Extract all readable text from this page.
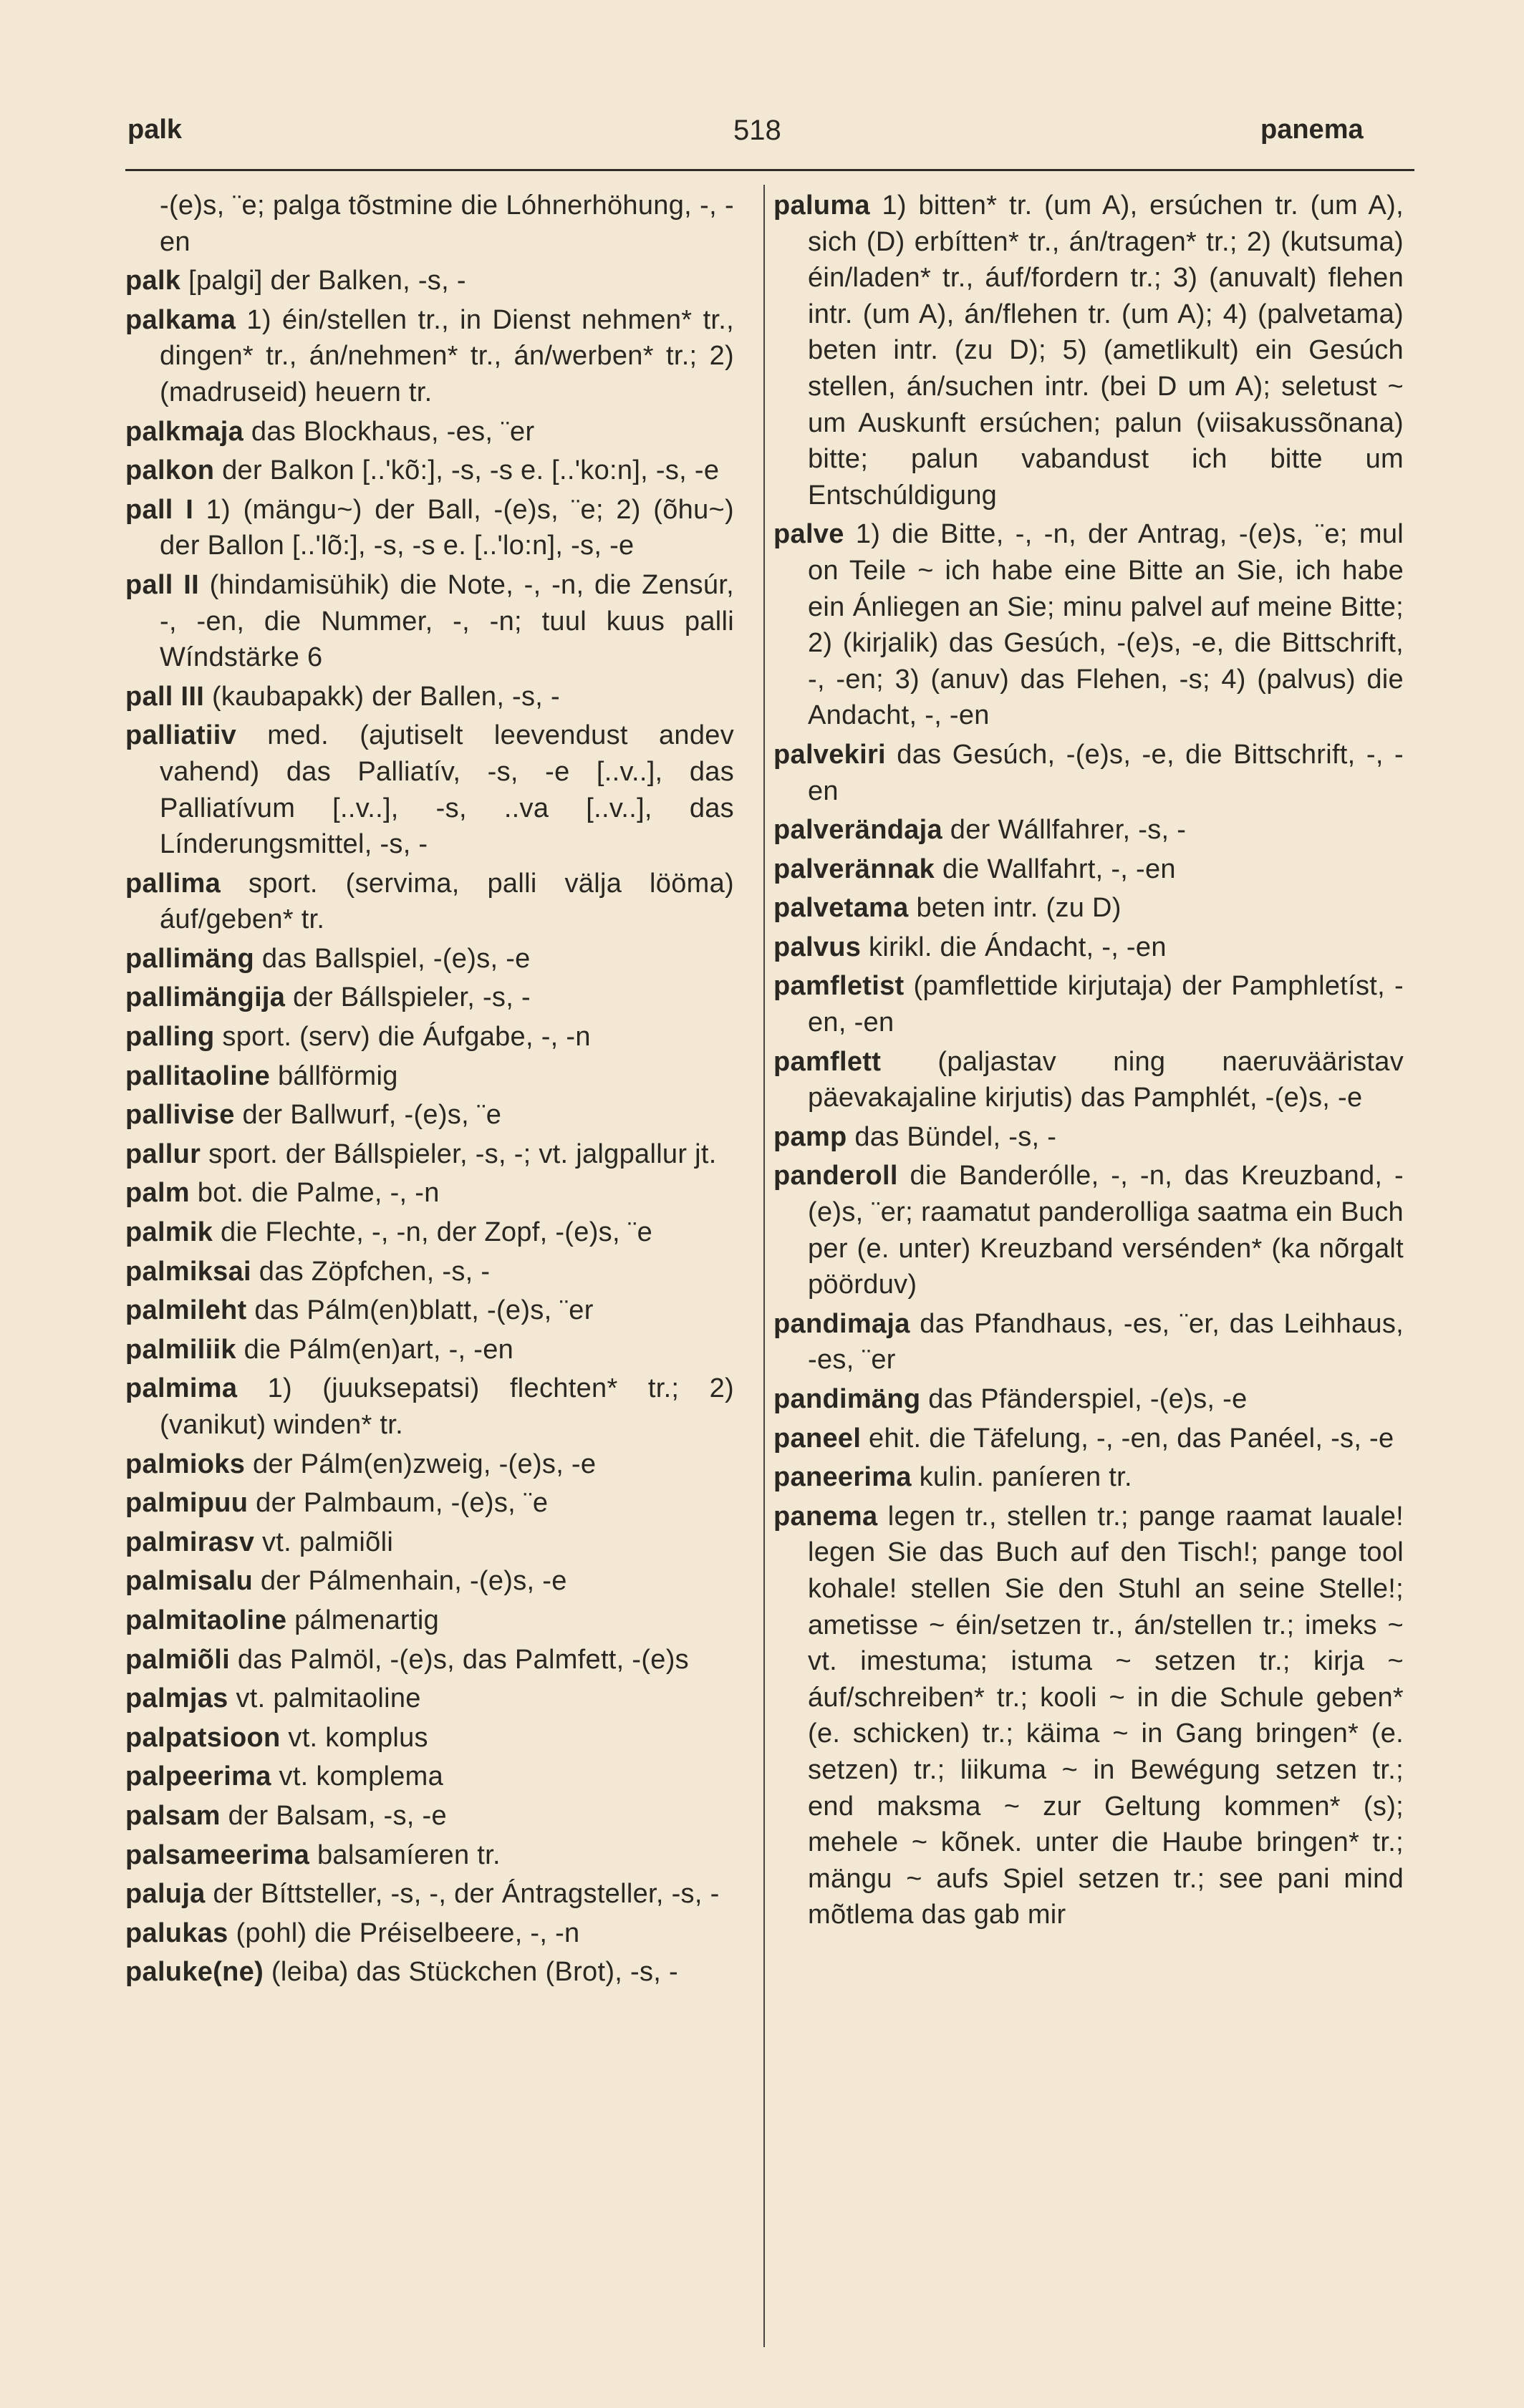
palk	518	panema
-(e)s, ¨e; palga tõstmine die Lóhnerhöhung, -, -en
palk [palgi] der Balken, -s, -
palkama 1) éin/stellen tr., in Dienst nehmen* tr., dingen* tr., án/nehmen* tr., án/werben* tr.; 2) (madruseid) heuern tr.
palkmaja das Blockhaus, -es, ¨er
palkon der Balkon [..'kõ:], -s, -s e. [..'ko:n], -s, -e
pall I 1) (mängu~) der Ball, -(e)s, ¨e; 2) (õhu~) der Ballon [..'lõ:], -s, -s e. [..'lo:n], -s, -e
pall II (hindamisühik) die Note, -, -n, die Zensúr, -, -en, die Nummer, -, -n; tuul kuus palli Wíndstärke 6
pall III (kaubapakk) der Ballen, -s, -
palliatiiv med. (ajutiselt leevendust andev vahend) das Palliatív, -s, -e [..v..], das Palliatívum [..v..], -s, ..va [..v..], das Línderungsmittel, -s, -
pallima sport. (servima, palli välja lööma) áuf/geben* tr.
pallimäng das Ballspiel, -(e)s, -e
pallimängija der Bállspieler, -s, -
palling sport. (serv) die Áufgabe, -, -n
pallitaoline bállförmig
pallivise der Ballwurf, -(e)s, ¨e
pallur sport. der Bállspieler, -s, -; vt. jalgpallur jt.
palm bot. die Palme, -, -n
palmik die Flechte, -, -n, der Zopf, -(e)s, ¨e
palmiksai das Zöpfchen, -s, -
palmileht das Pálm(en)blatt, -(e)s, ¨er
palmiliik die Pálm(en)art, -, -en
palmima 1) (juuksepatsi) flechten* tr.; 2) (vanikut) winden* tr.
palmioks der Pálm(en)zweig, -(e)s, -e
palmipuu der Palmbaum, -(e)s, ¨e
palmirasv vt. palmiõli
palmisalu der Pálmenhain, -(e)s, -e
palmitaoline pálmenartig
palmiõli das Palmöl, -(e)s, das Palmfett, -(e)s
palmjas vt. palmitaoline
palpatsioon vt. komplus
palpeerima vt. komplema
palsam der Balsam, -s, -e
palsameerima balsamíeren tr.
paluja der Bíttsteller, -s, -, der Ántragsteller, -s, -
palukas (pohl) die Préiselbeere, -, -n
paluke(ne) (leiba) das Stückchen (Brot), -s, -
paluma 1) bitten* tr. (um A), ersúchen tr. (um A), sich (D) erbítten* tr., án/tragen* tr.; 2) (kutsuma) éin/laden* tr., áuf/fordern tr.; 3) (anuvalt) flehen intr. (um A), án/flehen tr. (um A); 4) (palvetama) beten intr. (zu D); 5) (ametlikult) ein Gesúch stellen, án/suchen intr. (bei D um A); seletust ~ um Auskunft ersúchen; palun (viisakussõnana) bitte; palun vabandust ich bitte um Entschúldigung
palve 1) die Bitte, -, -n, der Antrag, -(e)s, ¨e; mul on Teile ~ ich habe eine Bitte an Sie, ich habe ein Ánliegen an Sie; minu palvel auf meine Bitte; 2) (kirjalik) das Gesúch, -(e)s, -e, die Bittschrift, -, -en; 3) (anuv) das Flehen, -s; 4) (palvus) die Andacht, -, -en
palvekiri das Gesúch, -(e)s, -e, die Bittschrift, -, -en
palverändaja der Wállfahrer, -s, -
palverännak die Wallfahrt, -, -en
palvetama beten intr. (zu D)
palvus kirikl. die Ándacht, -, -en
pamfletist (pamflettide kirjutaja) der Pamphletíst, -en, -en
pamflett (paljastav ning naeruvääristav päevakajaline kirjutis) das Pamphlét, -(e)s, -e
pamp das Bündel, -s, -
panderoll die Banderólle, -, -n, das Kreuzband, -(e)s, ¨er; raamatut panderolliga saatma ein Buch per (e. unter) Kreuzband versénden* (ka nõrgalt pöörduv)
pandimaja das Pfandhaus, -es, ¨er, das Leihhaus, -es, ¨er
pandimäng das Pfänderspiel, -(e)s, -e
paneel ehit. die Täfelung, -, -en, das Panéel, -s, -e
paneerima kulin. paníeren tr.
panema legen tr., stellen tr.; pange raamat lauale! legen Sie das Buch auf den Tisch!; pange tool kohale! stellen Sie den Stuhl an seine Stelle!; ametisse ~ éin/setzen tr., án/stellen tr.; imeks ~ vt. imestuma; istuma ~ setzen tr.; kirja ~ áuf/schreiben* tr.; kooli ~ in die Schule geben* (e. schicken) tr.; käima ~ in Gang bringen* (e. setzen) tr.; liikuma ~ in Bewégung setzen tr.; end maksma ~ zur Geltung kommen* (s); mehele ~ kõnek. unter die Haube bringen* tr.; mängu ~ aufs Spiel setzen tr.; see pani mind mõtlema das gab mir
